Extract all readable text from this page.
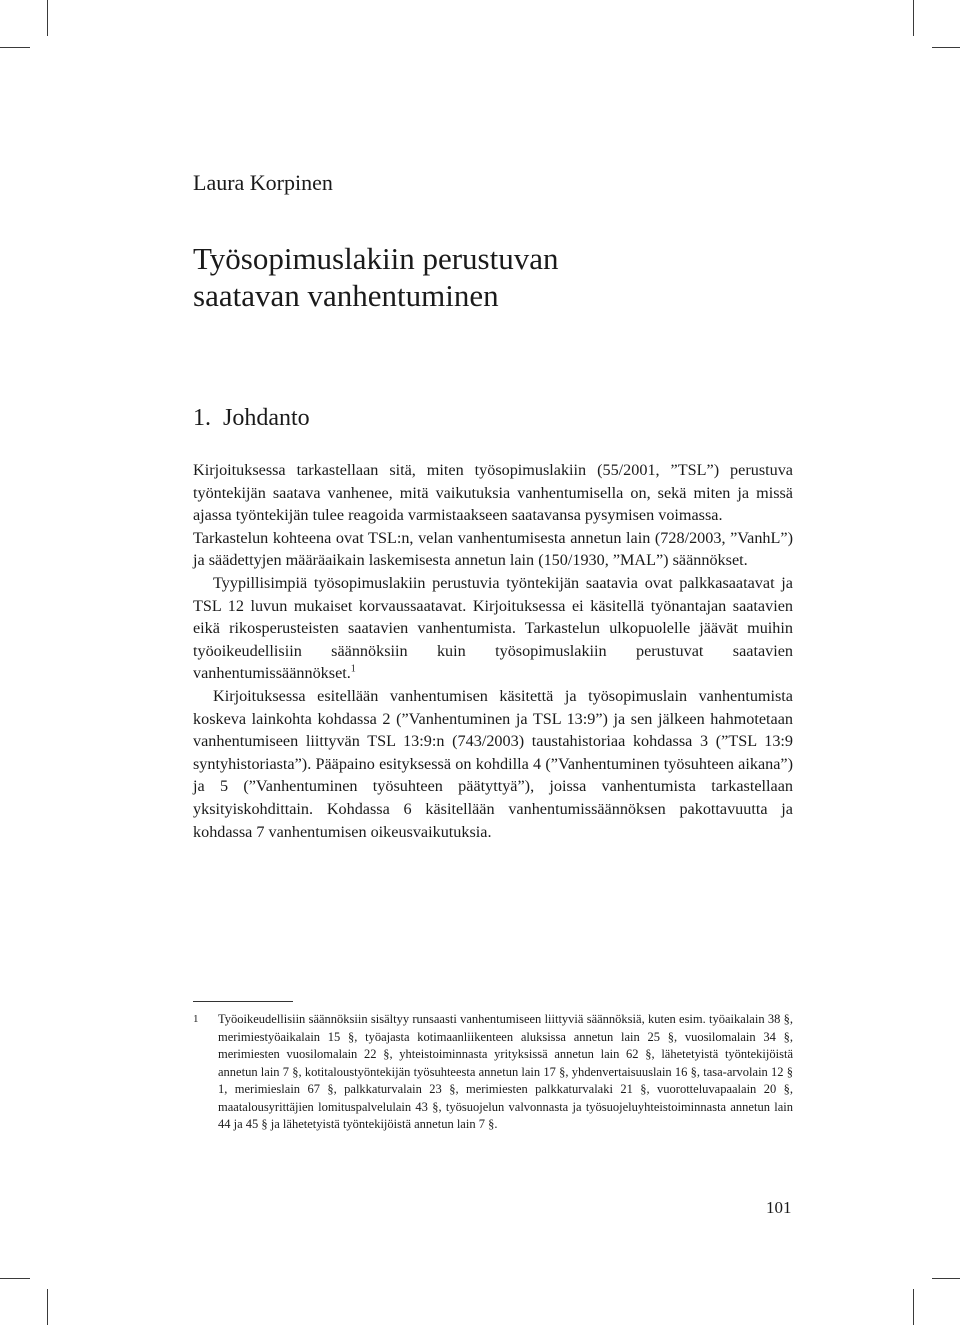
Laura Korpinen
Työsopimuslakiin perustuvan
saatavan vanhentuminen
1. Johdanto

Kirjoituksessa tarkastellaan sitä, miten työsopimuslakiin (55/2001, ”TSL”) perustuva työntekijän saatava vanhenee, mitä vaikutuksia vanhentumisella on, sekä miten ja missä ajassa työntekijän tulee reagoida varmistaakseen saatavansa pysymisen voimassa.

Tarkastelun kohteena ovat TSL:n, velan vanhentumisesta annetun lain (728/2003, ”VanhL”) ja säädettyjen määräaikain laskemisesta annetun lain (150/1930, ”MAL”) säännökset.

Tyypillisimpiä työsopimuslakiin perustuvia työntekijän saatavia ovat palkkasaatavat ja TSL 12 luvun mukaiset korvaussaatavat. Kirjoituksessa ei käsitellä työnantajan saatavien eikä rikosperusteisten saatavien vanhentumista. Tarkastelun ulkopuolelle jäävät muihin työoikeudellisiin säännöksiin kuin työsopimuslakiin perustuvat saatavien vanhentumissäännökset.$^1$

Kirjoituksessa esitellään vanhentumisen käsitettä ja työsopimuslain vanhentumista koskeva lainkohta kohdassa 2 (”Vanhentuminen ja TSL 13:9”) ja sen jälkeen hahmotetaan vanhentumiseen liittyvän TSL 13:9:n (743/2003) taustahistoriaa kohdassa 3 (”TSL 13:9 syntyhistoriasta”). Pääpaino esityksessä on kohdilla 4 (”Vanhentuminen työsuhteen aikana”) ja 5 (”Vanhentuminen työsuhteen päätyttyä”), joissa vanhentumista tarkastellaan yksityiskohdittain. Kohdassa 6 käsitellään vanhentumissäännöksen pakottavuutta ja kohdassa 7 vanhentumisen oikeusvaikutuksia.

1 Työoikeudellisiin säännöksiin sisältyy runsaasti vanhentumiseen liittyviä säännöksiä, kuten esim. työaikalain 38 §, merimiestyöaikalain 15 §, työajasta kotimaanliikenteen aluksissa annetun lain 25 §, vuosilomalain 34 §, merimiesten vuosilomalain 22 §, yhteistoiminnasta yrityksissä annetun lain 62 §, lähetetyistä työntekijöistä annetun lain 7 §, kotitaloustyöntekijän työsuhteesta annetun lain 17 §, yhdenvertaisuuslain 16 §, tasa-arvolain 12 § 1, merimieslain 67 §, palkkaturvalain 23 §, merimiesten palkkaturvalaki 21 §, vuorotteluvapaalain 20 §, maatalousyrittäjien lomituspalvelulain 43 §, työsuojelun valvonnasta ja työsuojeluyhteistoiminnasta annetun lain 44 ja 45 § ja lähetetyistä työntekijöistä annetun lain 7 §.
101
